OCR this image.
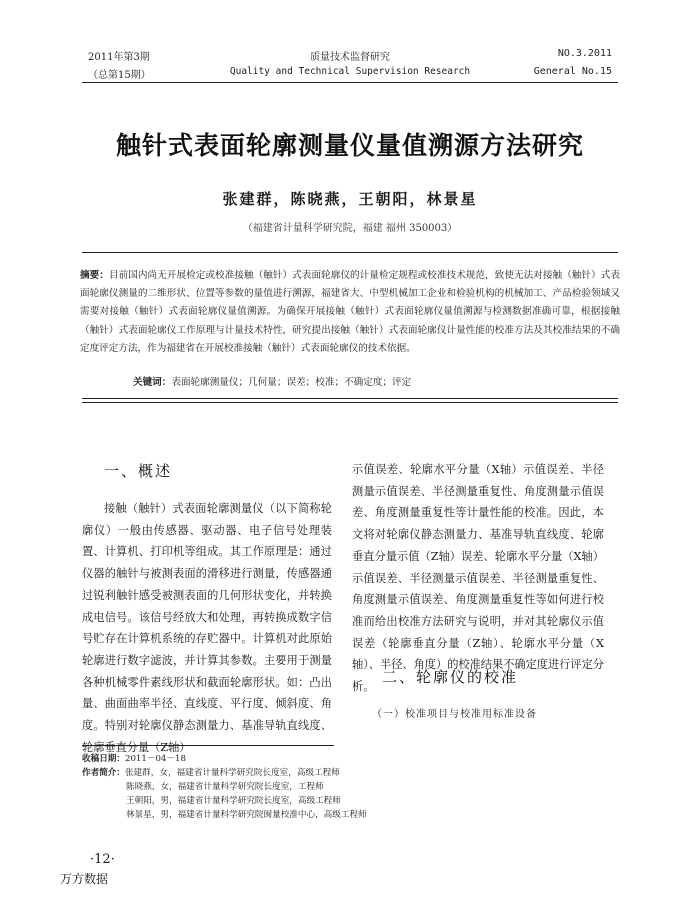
2011年第3期
（总第15期）
质量技术监督研究
Quality and Technical Supervision Research
NO.3.2011
General No.15
触针式表面轮廓测量仪量值溯源方法研究
张建群，陈晓燕，王朝阳，林景星
（福建省计量科学研究院，福建 福州 350003）
摘要：目前国内尚无开展检定或校准接触（触针）式表面轮廓仪的计量检定规程或校准技术规范，致使无法对接触（触针）式表面轮廓仪测量的二维形状、位置等参数的量值进行溯源，福建省大、中型机械加工企业和检验机构的机械加工、产品检验领域又需要对接触（触针）式表面轮廓仪量值溯源。为确保开展接触（触针）式表面轮廓仪量值溯源与检测数据准确可靠，根据接触（触针）式表面轮廓仪工作原理与计量技术特性，研究提出接触（触针）式表面轮廓仪计量性能的校准方法及其校准结果的不确定度评定方法，作为福建省在开展校准接触（触针）式表面轮廓仪的技术依据。
关键词：表面轮廓测量仪；几何量；误差；校准；不确定度；评定
一、概述
接触（触针）式表面轮廓测量仪（以下简称轮廓仪）一般由传感器、驱动器、电子信号处理装置、计算机、打印机等组成。其工作原理是：通过仪器的触针与被测表面的滑移进行测量，传感器通过锐利触针感受被测表面的几何形状变化，并转换成电信号。该信号经放大和处理，再转换成数字信号贮存在计算机系统的存贮器中。计算机对此原始轮廓进行数字滤波，并计算其参数。主要用于测量各种机械零件素线形状和截面轮廓形状。如：凸出量、曲面曲率半径、直线度、平行度、倾斜度、角度。特别对轮廓仪静态测量力、基准导轨直线度、轮廓垂直分量（Z轴）
示值误差、轮廓水平分量（X轴）示值误差、半径测量示值误差、半径测量重复性、角度测量示值误差、角度测量重复性等计量性能的校准。因此，本文将对轮廓仪静态测量力、基准导轨直线度、轮廓垂直分量示值（Z轴）误差、轮廓水平分量（X轴）示值误差、半径测量示值误差、半径测量重复性、角度测量示值误差、角度测量重复性等如何进行校准而给出校准方法研究与说明，并对其轮廓仪示值误差（轮廓垂直分量（Z轴）、轮廓水平分量（X轴）、半径、角度）的校准结果不确定度进行评定分析。
二、轮廓仪的校准
（一）校准项目与校准用标准设备
收稿日期：2011－04－18
作者简介：张建群，女，福建省计量科学研究院长度室，高级工程师
陈晓燕，女，福建省计量科学研究院长度室，工程师
王朝阳，男，福建省计量科学研究院长度室，高级工程师
林景星，男，福建省计量科学研究院闽量校准中心，高级工程师
·12·
万方数据
